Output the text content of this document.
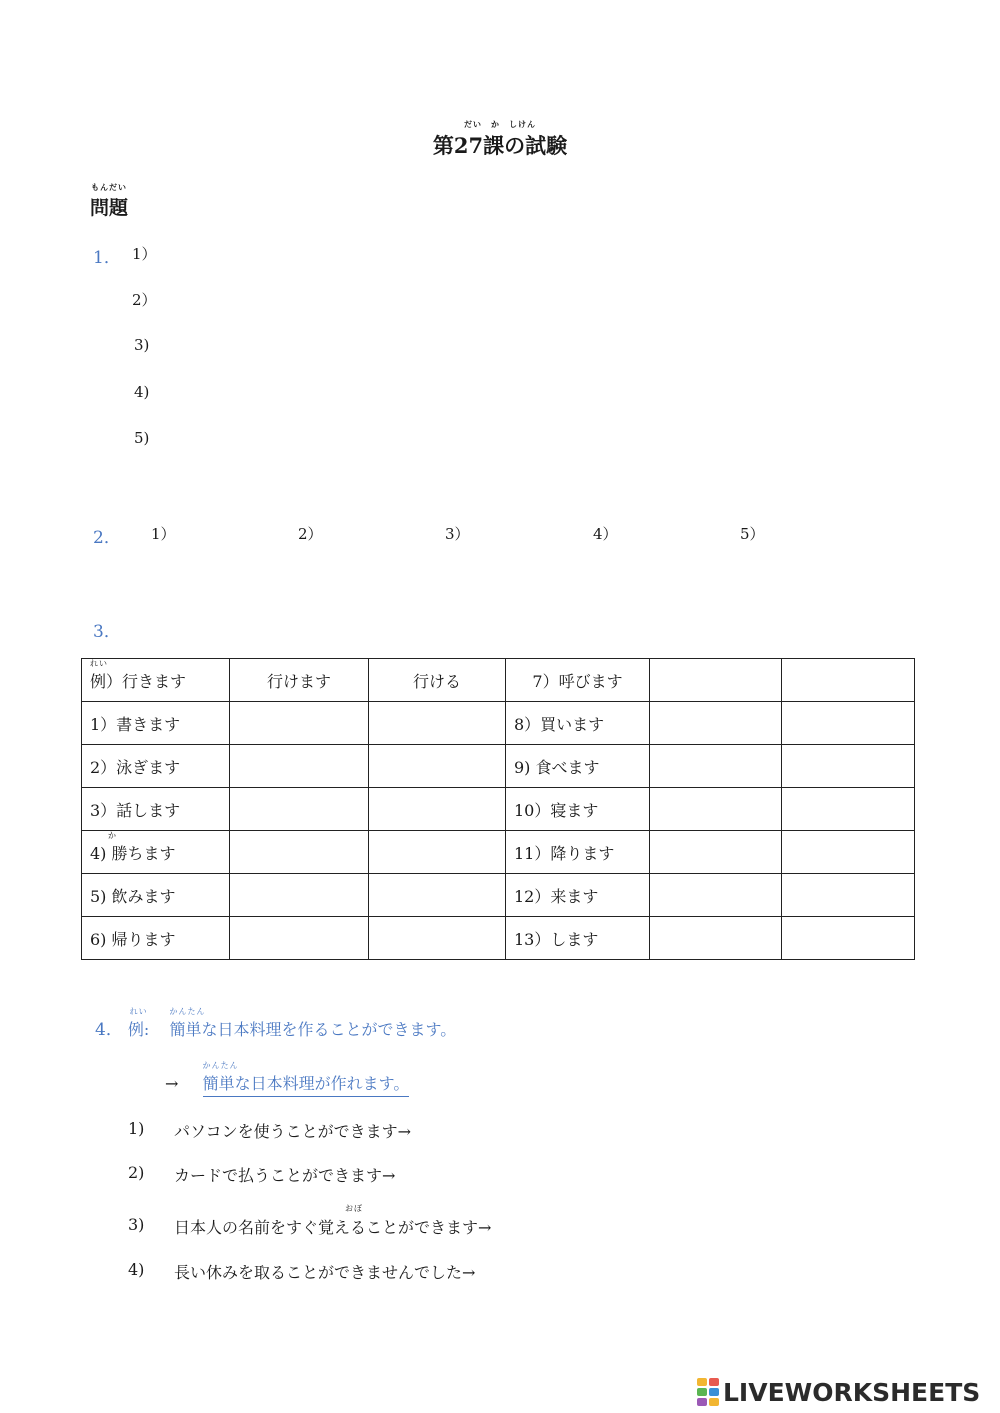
だい　か　しけん
第27課の試験
もんだい
問題
1． 1）
2）
3)
4)
5)
2． 1）	2）	3）	4）	5）
3．
れい
例）行きます	行けます	行ける	7）呼びます		
1）書きます			8）買います		
2）泳ぎます			9) 食べます		
3）話します			10）寝ます		

か
4) 勝ちます			11）降ります		
5) 飲みます			12）来ます		
6) 帰ります			13）します		
4．
れい
例:
かんたん
簡単な日本料理を作ることができます。
→
かんたん
簡単な日本料理が作れます。
1) パソコンを使うことができます→
2) カードで払うことができます→
3)
おぼ
日本人の名前をすぐ覚えることができます→
4) 長い休みを取ることができませんでした→
LIVEWORKSHEETS
